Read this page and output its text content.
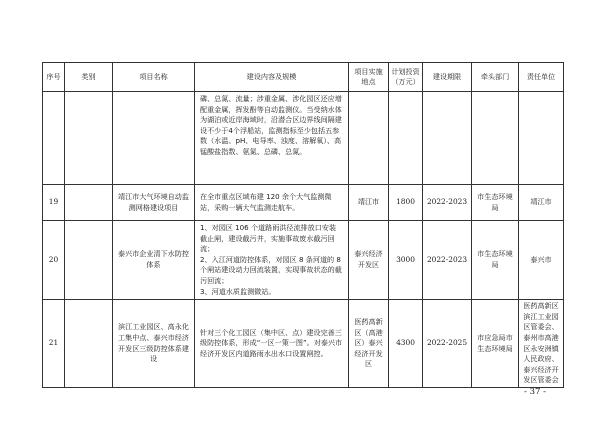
序号	类别	项目名称	建设内容及规模	项目实施地点	计划投资（万元）	建设期限	牵头部门	责任单位
			磷、总氮、流量；涉重金属、涉化园区还应增配重金属，挥发酚等自动监测仪。当受纳水体为湖泊或近岸海域时，沿潜合区边界线间隔建设不少于4个浮船站，监测指标至少包括五参数（水温、pH、电导率、浊度、溶解氧）、高锰酸盐指数、氨氮、总磷、总氮。					
19		靖江市大气环境自动监测网格建设项目	在全市重点区域布建 120 余个大气监测微站，采购一辆大气监测走航车。	靖江市	1800	2022-2023	市生态环境局	靖江市
20		泰兴市企业清下水防控体系	1、对园区 106 个道路雨洪径流排放口安装截止闸，建设截污井，实施事故废水截污回流；
2、入江河道防控体系，对园区 8 条河道的 8 个闸站建设动力回流装置，实现事故状态的截污回流；
3、河道水质监测微站。	泰兴经济开发区	3000	2022-2023	市生态环境局	泰兴市
21		滨江工业园区、高永化工集中点、泰兴市经济开发区三级防控体系建设	针对三个化工园区（集中区、点）建设完善三级防控体系，形成“一区一策一图”。对泰兴市经济开发区内道路雨水出水口设置闸控。	医药高新区（高港区）泰兴经济开发区	4300	2022-2025	市应急局市生态环境局	医药高新区滨江工业园区管委会、泰州市高港区永安洲镇人民政府、泰兴经济开发区管委会
- 37 -
